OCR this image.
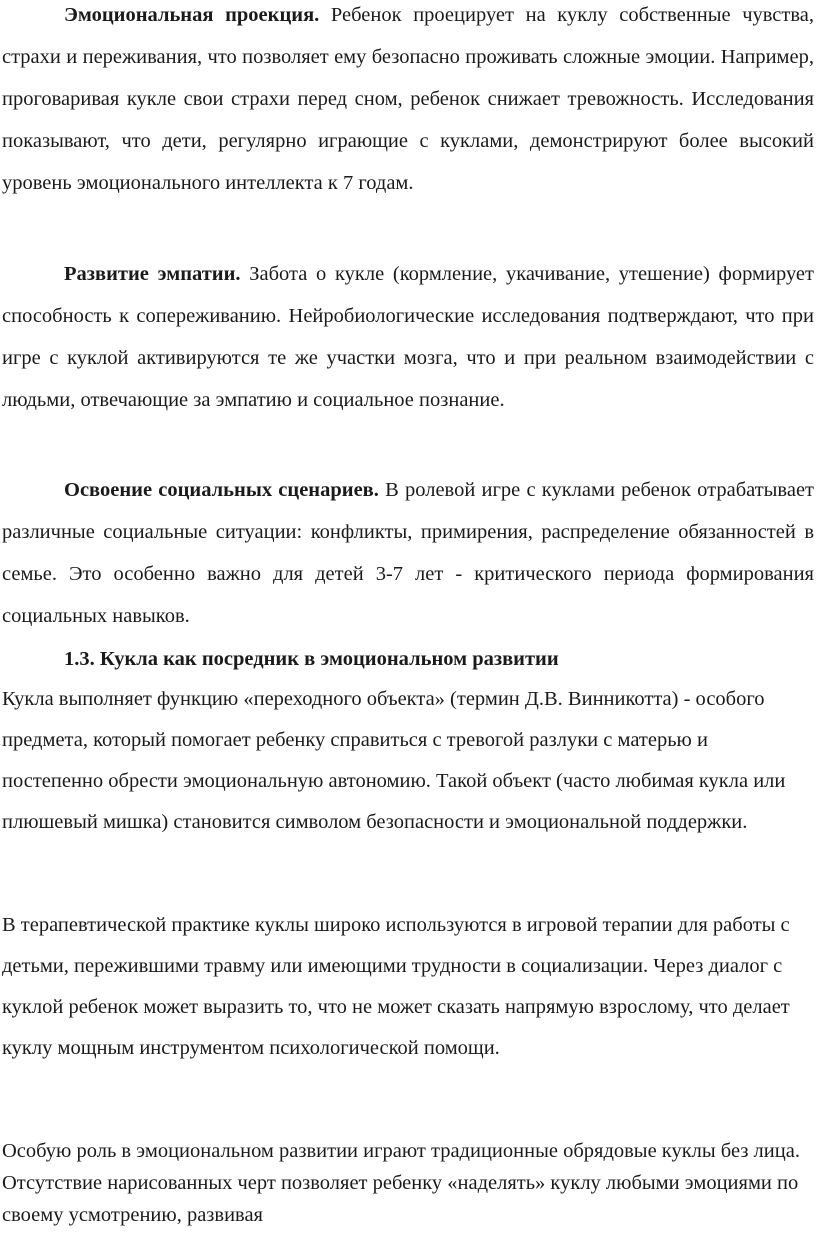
Эмоциональная проекция. Ребенок проецирует на куклу собственные чувства, страхи и переживания, что позволяет ему безопасно проживать сложные эмоции. Например, проговаривая кукле свои страхи перед сном, ребенок снижает тревожность. Исследования показывают, что дети, регулярно играющие с куклами, демонстрируют более высокий уровень эмоционального интеллекта к 7 годам.

Развитие эмпатии. Забота о кукле (кормление, укачивание, утешение) формирует способность к сопереживанию. Нейробиологические исследования подтверждают, что при игре с куклой активируются те же участки мозга, что и при реальном взаимодействии с людьми, отвечающие за эмпатию и социальное познание.

Освоение социальных сценариев. В ролевой игре с куклами ребенок отрабатывает различные социальные ситуации: конфликты, примирения, распределение обязанностей в семье. Это особенно важно для детей 3-7 лет - критического периода формирования социальных навыков.

1.3. Кукла как посредник в эмоциональном развитии

Кукла выполняет функцию «переходного объекта» (термин Д.В. Винникотта) - особого предмета, который помогает ребенку справиться с тревогой разлуки с матерью и постепенно обрести эмоциональную автономию. Такой объект (часто любимая кукла или плюшевый мишка) становится символом безопасности и эмоциональной поддержки.

В терапевтической практике куклы широко используются в игровой терапии для работы с детьми, пережившими травму или имеющими трудности в социализации. Через диалог с куклой ребенок может выразить то, что не может сказать напрямую взрослому, что делает куклу мощным инструментом психологической помощи.

Особую роль в эмоциональном развитии играют традиционные обрядовые куклы без лица. Отсутствие нарисованных черт позволяет ребенку «наделять» куклу любыми эмоциями по своему усмотрению, развивая
